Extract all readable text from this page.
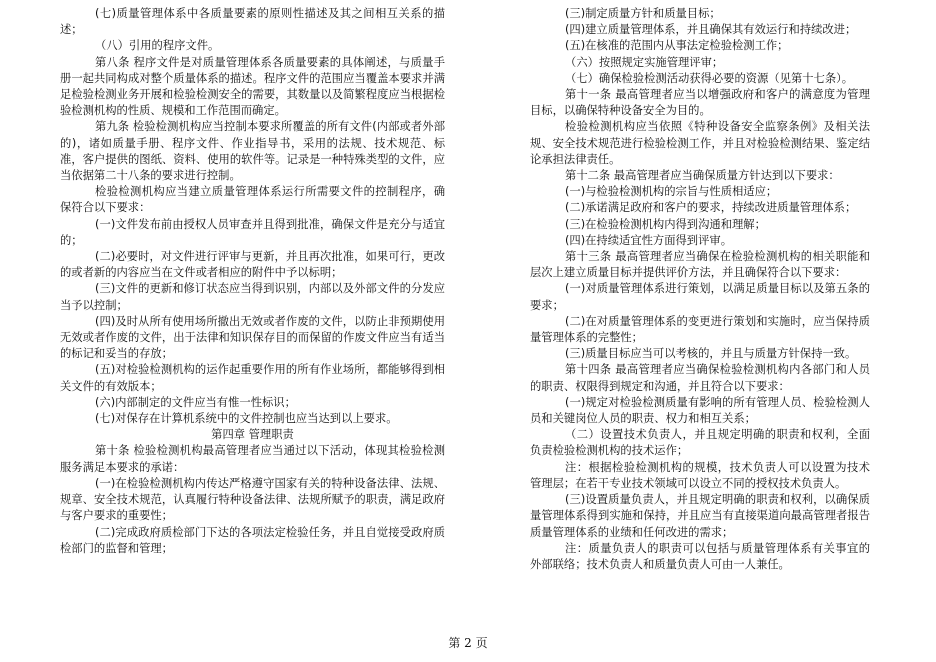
(七)质量管理体系中各质量要素的原则性描述及其之间相互关系的描述；

（八）引用的程序文件。

第八条 程序文件是对质量管理体系各质量要素的具体阐述，与质量手册一起共同构成对整个质量体系的描述。程序文件的范围应当覆盖本要求并满足检验检测业务开展和检验检测安全的需要，其数量以及简繁程度应当根据检验检测机构的性质、规模和工作范围而确定。

第九条 检验检测机构应当控制本要求所覆盖的所有文件(内部或者外部的)，诸如质量手册、程序文件、作业指导书，采用的法规、技术规范、标准，客户提供的图纸、资料、使用的软件等。记录是一种特殊类型的文件，应当依据第二十八条的要求进行控制。

检验检测机构应当建立质量管理体系运行所需要文件的控制程序，确保符合以下要求：

(一)文件发布前由授权人员审查并且得到批准，确保文件是充分与适宜的；

(二)必要时，对文件进行评审与更新，并且再次批准，如果可行，更改的或者新的内容应当在文件或者相应的附件中予以标明；

(三)文件的更新和修订状态应当得到识别，内部以及外部文件的分发应当予以控制；

(四)及时从所有使用场所撤出无效或者作废的文件，以防止非预期使用无效或者作废的文件，出于法律和知识保存目的而保留的作废文件应当有适当的标记和妥当的存放；

(五)对检验检测机构的运作起重要作用的所有作业场所，都能够得到相关文件的有效版本；

(六)内部制定的文件应当有惟一性标识；

(七)对保存在计算机系统中的文件控制也应当达到以上要求。

第四章 管理职责

第十条 检验检测机构最高管理者应当通过以下活动，体现其检验检测服务满足本要求的承诺：

(一)在检验检测机构内传达严格遵守国家有关的特种设备法律、法规、规章、安全技术规范，认真履行特种设备法律、法规所赋予的职责，满足政府与客户要求的重要性；

(二)完成政府质检部门下达的各项法定检验任务，并且自觉接受政府质检部门的监督和管理；

(三)制定质量方针和质量目标；

(四)建立质量管理体系，并且确保其有效运行和持续改进；

(五)在核准的范围内从事法定检验检测工作；

（六）按照规定实施管理评审；

（七）确保检验检测活动获得必要的资源（见第十七条）。

第十一条 最高管理者应当以增强政府和客户的满意度为管理目标，以确保特种设备安全为目的。

检验检测机构应当依照《特种设备安全监察条例》及相关法规、安全技术规范进行检验检测工作，并且对检验检测结果、鉴定结论承担法律责任。

第十二条 最高管理者应当确保质量方针达到以下要求：

(一)与检验检测机构的宗旨与性质相适应；

(二)承诺满足政府和客户的要求，持续改进质量管理体系；

(三)在检验检测机构内得到沟通和理解；

(四)在持续适宜性方面得到评审。

第十三条 最高管理者应当确保在检验检测机构的相关职能和层次上建立质量目标并提供评价方法，并且确保符合以下要求：

(一)对质量管理体系进行策划，以满足质量目标以及第五条的要求；

(二)在对质量管理体系的变更进行策划和实施时，应当保持质量管理体系的完整性；

(三)质量目标应当可以考核的，并且与质量方针保持一致。

第十四条 最高管理者应当确保检验检测机构内各部门和人员的职责、权限得到规定和沟通，并且符合以下要求：

(一)规定对检验检测质量有影响的所有管理人员、检验检测人员和关键岗位人员的职责、权力和相互关系；

（二）设置技术负责人，并且规定明确的职责和权利，全面负责检验检测机构的技术运作；

注：根据检验检测机构的规模，技术负责人可以设置为技术管理层；在若干专业技术领域可以设立不同的授权技术负责人。

(三)设置质量负责人，并且规定明确的职责和权利，以确保质量管理体系得到实施和保持，并且应当有直接渠道向最高管理者报告质量管理体系的业绩和任何改进的需求；

注：质量负责人的职责可以包括与质量管理体系有关事宜的外部联络；技术负责人和质量负责人可由一人兼任。

第 2 页
